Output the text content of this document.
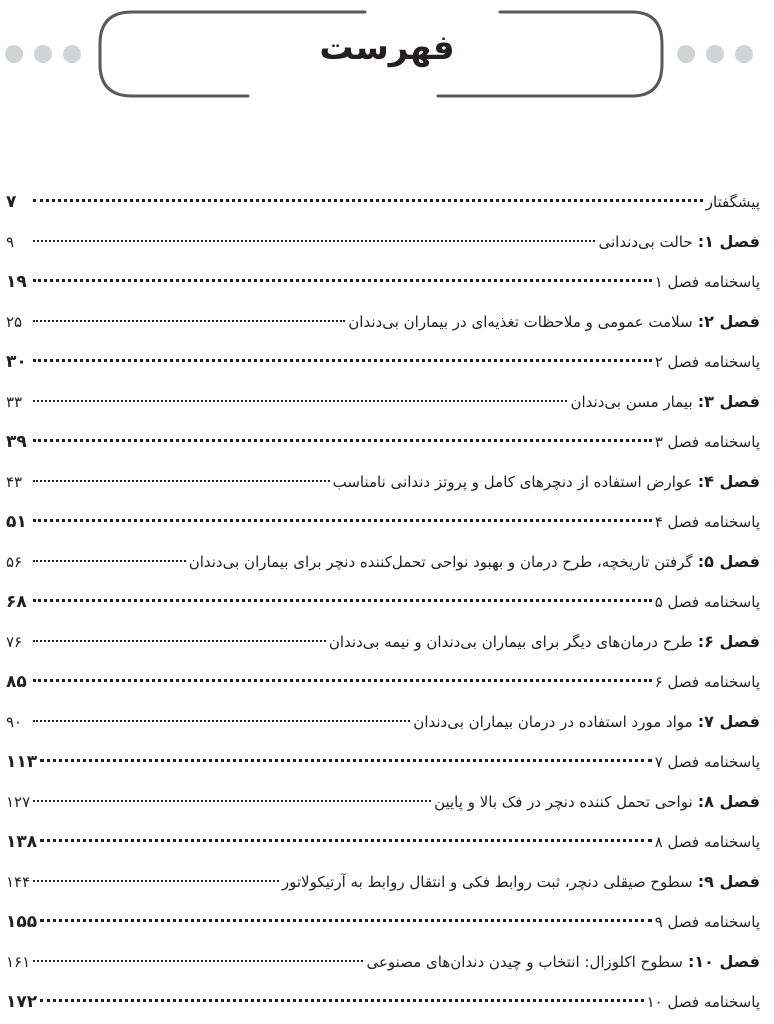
فهرست
پیشگفتار
۷
فصل ۱: حالت بی‌دندانی
۹
پاسخنامه فصل ۱
۱۹
فصل ۲: سلامت عمومی و ملاحظات تغذیه‌ای در بیماران بی‌دندان
۲۵
پاسخنامه فصل ۲
۳۰
فصل ۳: بیمار مسن بی‌دندان
۳۳
پاسخنامه فصل ۳
۳۹
فصل ۴: عوارض استفاده از دنچرهای کامل و پروتز دندانی نامناسب
۴۳
پاسخنامه فصل ۴
۵۱
فصل ۵: گرفتن تاریخچه، طرح درمان و بهبود نواحی تحمل‌کننده دنچر برای بیماران بی‌دندان
۵۶
پاسخنامه فصل ۵
۶۸
فصل ۶: طرح درمان‌های دیگر برای بیماران بی‌دندان و نیمه بی‌دندان
۷۶
پاسخنامه فصل ۶
۸۵
فصل ۷: مواد مورد استفاده در درمان بیماران بی‌دندان
۹۰
پاسخنامه فصل ۷
۱۱۳
فصل ۸: نواحی تحمل کننده دنچر در فک بالا و پایین
۱۲۷
پاسخنامه فصل ۸
۱۳۸
فصل ۹: سطوح صیقلی دنچر، ثبت روابط فکی و انتقال روابط به آرتیکولاتور
۱۴۴
پاسخنامه فصل ۹
۱۵۵
فصل ۱۰: سطوح اکلوزال: انتخاب و چیدن دندان‌های مصنوعی
۱۶۱
پاسخنامه فصل ۱۰
۱۷۲
